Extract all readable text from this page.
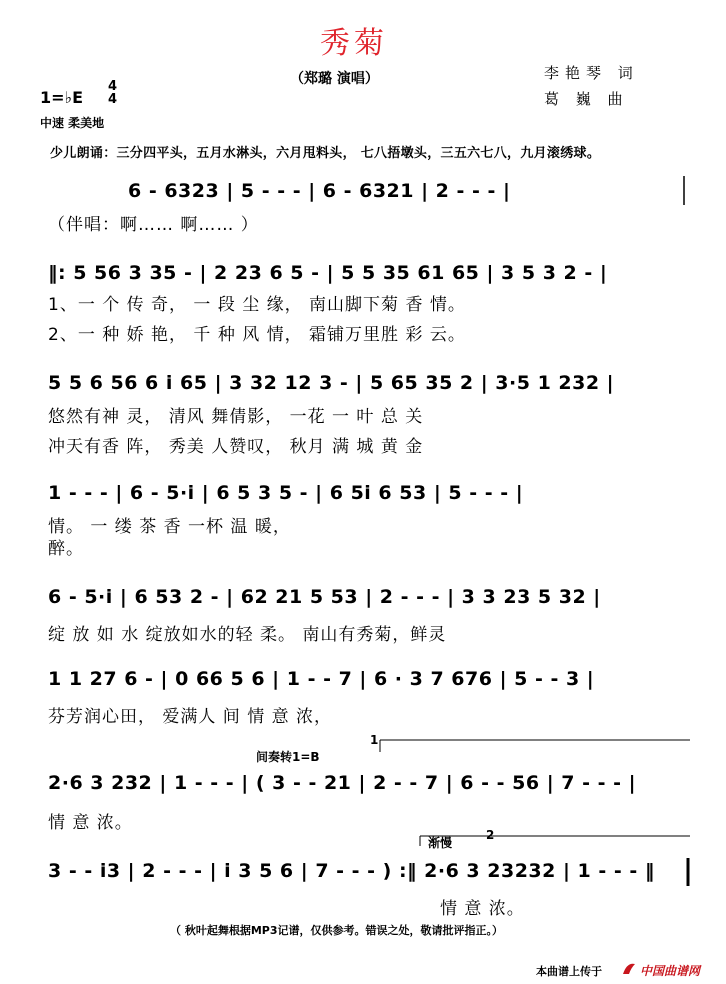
秀菊
（郑璐 演唱）	李艳琴 词
葛 巍 曲
1=♭E
4
4
中速 柔美地
少儿朗诵：三分四平头，五月水淋头，六月甩料头， 七八捂墩头，三五六七八，九月滚绣球。
6 - 6323 | 5 - - - | 6 - 6321 | 2 - - - |
（伴唱：啊…… 啊…… ）
‖: 5 56 3 35 - | 2 23 6 5 - | 5 5 35 61 65 | 3 5 3 2 - |
1、一 个 传 奇， 一 段 尘 缘， 南山脚下菊 香 情。
2、一 种 娇 艳， 千 种 风 情， 霜铺万里胜 彩 云。
5 5 6 56 6 i 65 | 3 32 12 3 - | 5 65 35 2 | 3·5 1 232 |
悠然有神 灵， 清风 舞倩影， 一花 一 叶 总 关
冲天有香 阵， 秀美 人赞叹， 秋月 满 城 黄 金
1 - - - | 6 - 5·i | 6 5 3 5 - | 6 5i 6 53 | 5 - - - |
情。 一 缕 茶 香 一杯 温 暖，
醉。
6 - 5·i | 6 53 2 - | 62 21 5 53 | 2 - - - | 3 3 23 5 32 |
绽 放 如 水 绽放如水的轻 柔。 南山有秀菊，鲜灵
1 1 27 6 - | 0 66 5 6 | 1 - - 7 | 6 · 3 7 676 | 5 - - 3 |
芬芳润心田， 爱满人 间 情 意 浓，
间奏转1=B
1
2·6 3 232 | 1 - - - | ( 3 - - 21 | 2 - - 7 | 6 - - 56 | 7 - - - |
情 意 浓。
渐慢
2
3 - - i3 | 2 - - - | i 3 5 6 | 7 - - - ) :‖ 2·6 3 23232 | 1 - - - ‖
情 意 浓。
（ 秋叶起舞根据MP3记谱，仅供参考。错误之处，敬请批评指正。）
本曲谱上传于	中国曲谱网
